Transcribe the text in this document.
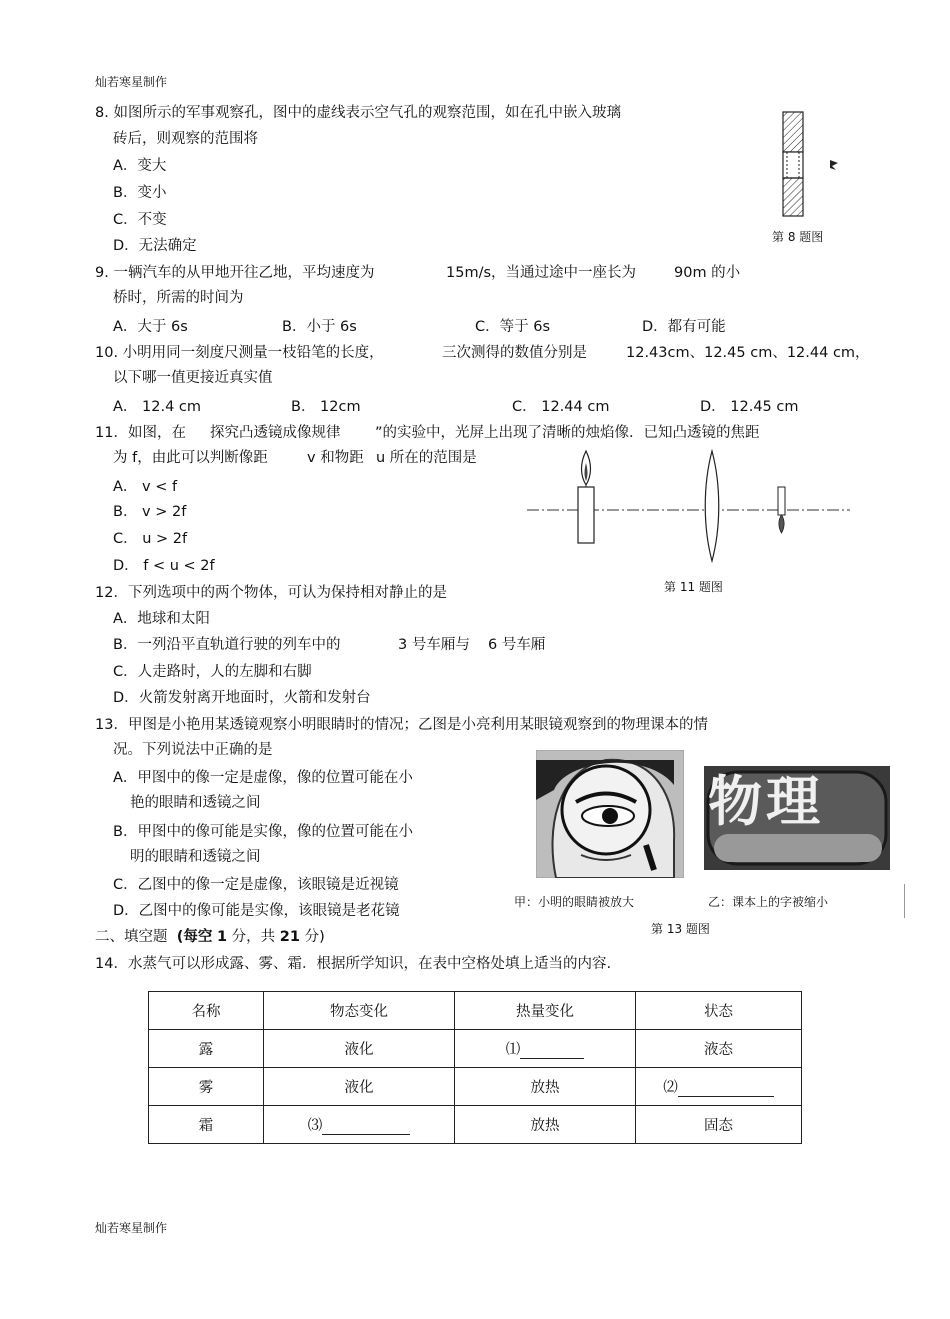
灿若寒星制作
8. 如图所示的军事观察孔，图中的虚线表示空气孔的观察范围，如在孔中嵌入玻璃
砖后，则观察的范围将
A．变大
B．变小
C．不变
D．无法确定
第 8 题图
9. 一辆汽车的从甲地开往乙地，平均速度为	15m/s，当通过途中一座长为	90m 的小
桥时，所需的时间为
A．大于 6s	B．小于 6s	C．等于 6s	D．都有可能
10. 小明用同一刻度尺测量一枝铅笔的长度，	三次测得的数值分别是	12.43cm、12.45 cm、12.44 cm，
以下哪一值更接近真实值
A． 12.4 cm	B． 12cm	C． 12.44 cm	D． 12.45 cm
11．如图，在 探究凸透镜成像规律 ”的实验中，光屏上出现了清晰的烛焰像．已知凸透镜的焦距
为 f，由此可以判断像距	v 和物距 u 所在的范围是
A． v < f
B． v > 2f
C． u > 2f
D． f < u < 2f
第 11 题图
12．下列选项中的两个物体，可认为保持相对静止的是
A．地球和太阳
B．一列沿平直轨道行驶的列车中的	3 号车厢与 6 号车厢
C．人走路时，人的左脚和右脚
D．火箭发射离开地面时，火箭和发射台
13．甲图是小艳用某透镜观察小明眼睛时的情况；乙图是小亮利用某眼镜观察到的物理课本的情
况。下列说法中正确的是
A．甲图中的像一定是虚像，像的位置可能在小
艳的眼睛和透镜之间
B．甲图中的像可能是实像，像的位置可能在小
明的眼睛和透镜之间
C．乙图中的像一定是虚像，该眼镜是近视镜
D．乙图中的像可能是实像，该眼镜是老花镜
物理
甲：小明的眼睛被放大	乙：课本上的字被缩小
第 13 题图
二、填空题 (每空 1 分，共 21 分)
14．水蒸气可以形成露、雾、霜．根据所学知识，在表中空格处填上适当的内容.
名称	物态变化	热量变化	状态
露	液化	⑴	液态
雾	液化	放热	⑵
霜	⑶	放热	固态
灿若寒星制作
